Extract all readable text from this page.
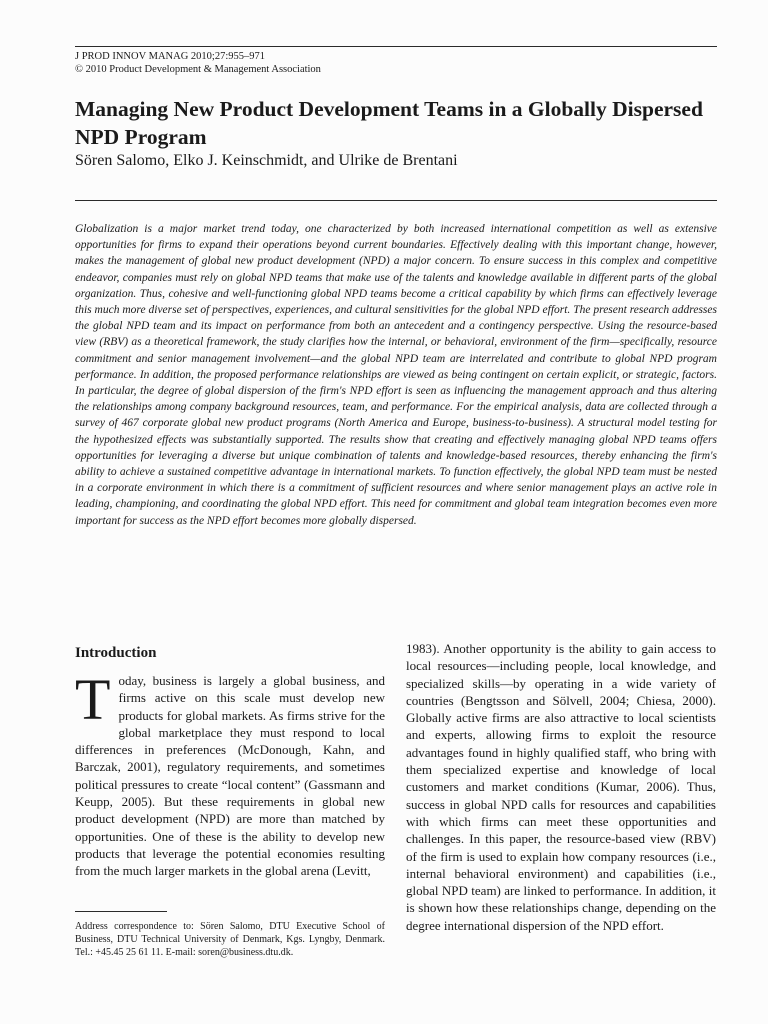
J PROD INNOV MANAG 2010;27:955–971
© 2010 Product Development & Management Association
Managing New Product Development Teams in a Globally Dispersed NPD Program
Sören Salomo, Elko J. Keinschmidt, and Ulrike de Brentani

Globalization is a major market trend today, one characterized by both increased international competition as well as extensive opportunities for firms to expand their operations beyond current boundaries. Effectively dealing with this important change, however, makes the management of global new product development (NPD) a major concern. To ensure success in this complex and competitive endeavor, companies must rely on global NPD teams that make use of the talents and knowledge available in different parts of the global organization. Thus, cohesive and well-functioning global NPD teams become a critical capability by which firms can effectively leverage this much more diverse set of perspectives, experiences, and cultural sensitivities for the global NPD effort. The present research addresses the global NPD team and its impact on performance from both an antecedent and a contingency perspective. Using the resource-based view (RBV) as a theoretical framework, the study clarifies how the internal, or behavioral, environment of the firm—specifically, resource commitment and senior management involvement—and the global NPD team are interrelated and contribute to global NPD program performance. In addition, the proposed performance relationships are viewed as being contingent on certain explicit, or strategic, factors. In particular, the degree of global dispersion of the firm's NPD effort is seen as influencing the management approach and thus altering the relationships among company background resources, team, and performance. For the empirical analysis, data are collected through a survey of 467 corporate global new product programs (North America and Europe, business-to-business). A structural model testing for the hypothesized effects was substantially supported. The results show that creating and effectively managing global NPD teams offers opportunities for leveraging a diverse but unique combination of talents and knowledge-based resources, thereby enhancing the firm's ability to achieve a sustained competitive advantage in international markets. To function effectively, the global NPD team must be nested in a corporate environment in which there is a commitment of sufficient resources and where senior management plays an active role in leading, championing, and coordinating the global NPD effort. This need for commitment and global team integration becomes even more important for success as the NPD effort becomes more globally dispersed.

Introduction

Today, business is largely a global business, and firms active on this scale must develop new products for global markets. As firms strive for the global marketplace they must respond to local differences in preferences (McDonough, Kahn, and Barczak, 2001), regulatory requirements, and sometimes political pressures to create “local content” (Gassmann and Keupp, 2005). But these requirements in global new product development (NPD) are more than matched by opportunities. One of these is the ability to develop new products that leverage the potential economies resulting from the much larger markets in the global arena (Levitt,

1983). Another opportunity is the ability to gain access to local resources—including people, local knowledge, and specialized skills—by operating in a wide variety of countries (Bengtsson and Sölvell, 2004; Chiesa, 2000). Globally active firms are also attractive to local scientists and experts, allowing firms to exploit the resource advantages found in highly qualified staff, who bring with them specialized expertise and knowledge of local customers and market conditions (Kumar, 2006). Thus, success in global NPD calls for resources and capabilities with which firms can meet these opportunities and challenges. In this paper, the resource-based view (RBV) of the firm is used to explain how company resources (i.e., internal behavioral environment) and capabilities (i.e., global NPD team) are linked to performance. In addition, it is shown how these relationships change, depending on the degree international dispersion of the NPD effort.

Address correspondence to: Sören Salomo, DTU Executive School of Business, DTU Technical University of Denmark, Kgs. Lyngby, Denmark. Tel.: +45.45 25 61 11. E-mail: soren@business.dtu.dk.
